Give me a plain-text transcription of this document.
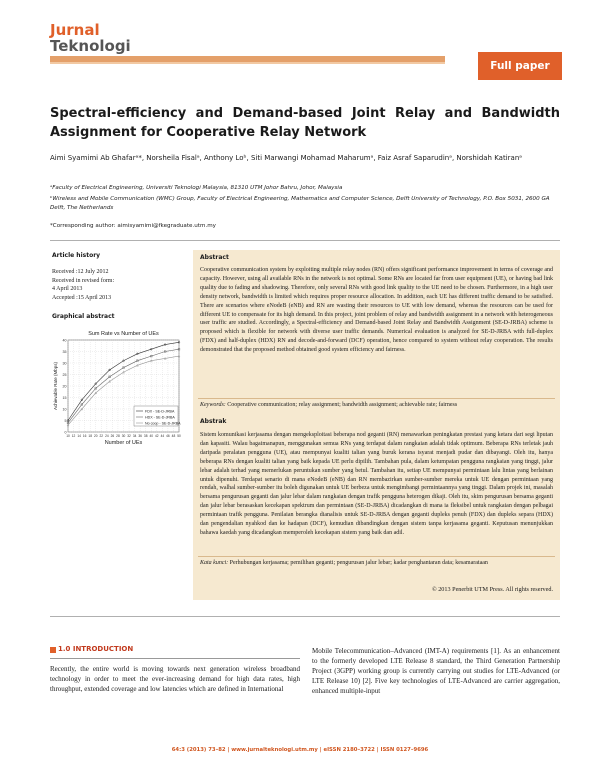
Jurnal
Teknologi
Full paper
Spectral-efficiency and Demand-based Joint Relay and Bandwidth Assignment for Cooperative Relay Network
Aimi Syamimi Ab Ghafarᵃ*, Norsheila Fisalᵃ, Anthony Loᵇ, Siti Marwangi Mohamad Maharumᵃ, Faiz Asraf Saparudinᵃ, Norshidah Katiranᵃ
ᵃFaculty of Electrical Engineering, Universiti Teknologi Malaysia, 81310 UTM Johor Bahru, Johor, Malaysia
ᵇWireless and Mobile Communication (WMC) Group, Faculty of Electrical Engineering, Mathematics and Computer Science, Delft University of Technology, P.O. Box 5031, 2600 GA Delft, The Netherlands
*Corresponding author: aimisyamimi@fkegraduate.utm.my
Article history
Received :12 July 2012
Received in revised form:
4 April 2013
Accepted :15 April 2013
Graphical abstract
Sum Rate vs Number of UEs
0
5
10
15
20
25
30
35
40
10 12 14 16 18 20 22 24 26 28 30 32 34 36 38 40 42 44 46 48 50
Number of UEs
Achievable Rate (Mbps)
FDX - SE-D-JRBA
HDX - SE-D-JRBA
No coop - SE-D-JRBA
Abstract
Cooperative communication system by exploiting multiple relay nodes (RN) offers significant performance improvement in terms of coverage and capacity. However, using all available RNs in the network is not optimal. Some RNs are located far from user equipment (UE), or having bad link quality due to fading and shadowing. Therefore, only several RNs with good link quality to the UE need to be chosen. Furthermore, in a high user density network, bandwidth is limited which requires proper resource allocation. In addition, each UE has different traffic demand to be satisfied. There are scenarios where eNodeB (eNB) and RN are wasting their resources to UE with low demand, whereas the resources can be used for different UE to compensate for its high demand. In this project, joint problem of relay and bandwidth assignment in a network with heterogeneous user traffic are studied. Accordingly, a Spectral-efficiency and Demand-based Joint Relay and Bandwidth Assignment (SE-D-JRBA) scheme is proposed which is flexible for network with diverse user traffic demands. Numerical evaluation is analyzed for SE-D-JRBA with full-duplex (FDX) and half-duplex (HDX) RN and decode-and-forward (DCF) operation, hence compared to system without relay cooperation. The results demonstrated that the proposed method obtained good system efficiency and fairness.
Keywords: Cooperative communication; relay assignment; bandwidth assignment; achievable rate; fairness
Abstrak
Sistem komunikasi kerjasama dengan mengeksploitasi beberapa nod geganti (RN) menawarkan peningkatan prestasi yang ketara dari segi liputan dan kapasiti. Walau bagaimanapun, menggunakan semua RNs yang terdapat dalam rangkaian adalah tidak optimum. Beberapa RNs terletak jauh daripada peralatan pengguna (UE), atau mempunyai kualiti talian yang buruk kerana isyarat menjadi pudar dan dibayangi. Oleh itu, hanya beberapa RNs dengan kualiti talian yang baik kepada UE perlu dipilih. Tambahan pula, dalam ketumpatan pengguna rangkaian yang tinggi, jalur lebar adalah terhad yang memerlukan peruntukan sumber yang betul. Tambahan itu, setiap UE mempunyai permintaan lalu lintas yang berlainan untuk dipenuhi. Terdapat senario di mana eNodeB (eNB) dan RN membazirkan sumber-sumber mereka untuk UE dengan permintaan yang rendah, walhal sumber-sumber itu boleh digunakan untuk UE berbeza untuk mengimbangi permintaannya yang tinggi. Dalam projek ini, masalah bersama pengurusan geganti dan jalur lebar dalam rangkaian dengan trafik pengguna heterogen dikaji. Oleh itu, skim pengurusan bersama geganti dan jalur lebar berasaskan kecekapan spektrum dan permintaan (SE-D-JRBA) dicadangkan di mana ia fleksibel untuk rangkaian dengan pelbagai permintaan trafik pengguna. Penilaian berangka dianalisis untuk SE-D-JRBA dengan geganti dupleks penuh (FDX) dan dupleks separa (HDX) dan pengendalian nyahkod dan ke hadapan (DCF), kemudian dibandingkan dengan sistem tanpa kerjasama geganti. Keputusan menunjukkan bahawa kaedah yang dicadangkan memperoleh kecekapan sistem yang baik dan adil.
Kata kunci: Perhubungan kerjasama; pemilihan geganti; pengurusan jalur lebar; kadar penghantaran data; kesamarataan
© 2013 Penerbit UTM Press. All rights reserved.
1.0 INTRODUCTION
Recently, the entire world is moving towards next generation wireless broadband technology in order to meet the ever-increasing demand for high data rates, high throughput, extended coverage and low latencies which are defined in International
Mobile Telecommunication–Advanced (IMT-A) requirements [1]. As an enhancement to the formerly developed LTE Release 8 standard, the Third Generation Partnership Project (3GPP) working group is currently carrying out studies for LTE-Advanced (or LTE Release 10) [2]. Five key technologies of LTE-Advanced are carrier aggregation, enhanced multiple-input
64:3 (2013) 73–82 | www.jurnalteknologi.utm.my | eISSN 2180–3722 | ISSN 0127–9696
